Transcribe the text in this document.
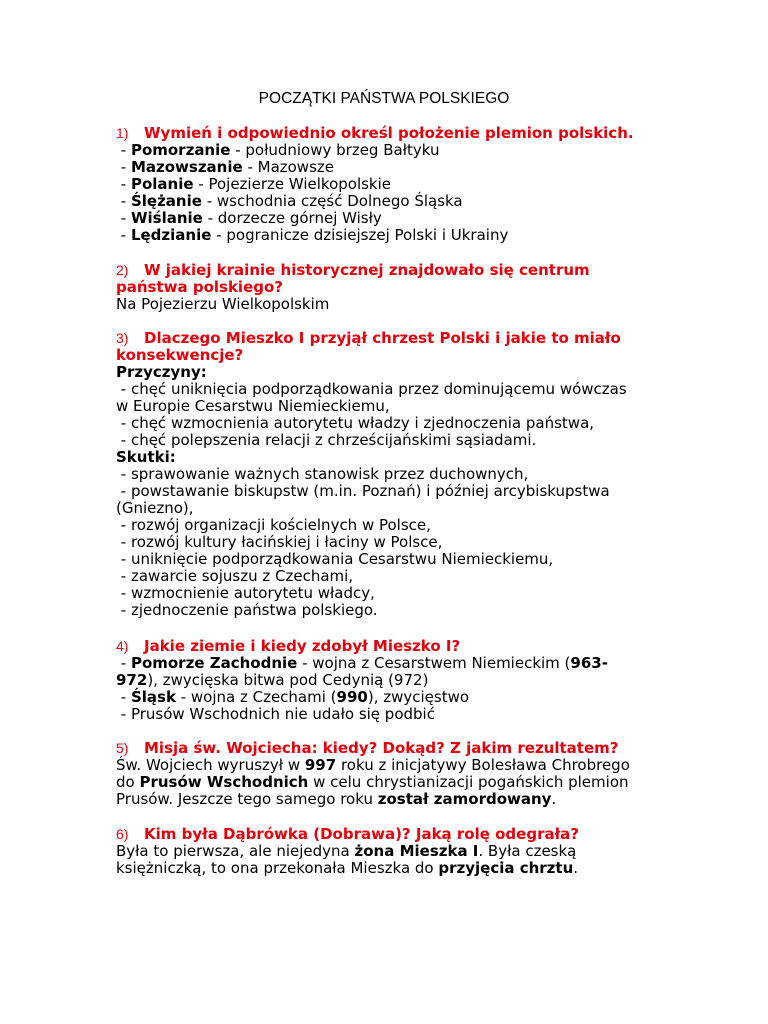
POCZĄTKI PAŃSTWA POLSKIEGO
1) Wymień i odpowiednio określ położenie plemion polskich.
- Pomorzanie - południowy brzeg Bałtyku
- Mazowszanie - Mazowsze
- Polanie - Pojezierze Wielkopolskie
- Ślężanie - wschodnia część Dolnego Śląska
- Wiślanie - dorzecze górnej Wisły
- Lędzianie - pogranicze dzisiejszej Polski i Ukrainy
2) W jakiej krainie historycznej znajdowało się centrum
państwa polskiego?
Na Pojezierzu Wielkopolskim
3) Dlaczego Mieszko I przyjął chrzest Polski i jakie to miało
konsekwencje?
Przyczyny:
- chęć uniknięcia podporządkowania przez dominującemu wówczas
w Europie Cesarstwu Niemieckiemu,
- chęć wzmocnienia autorytetu władzy i zjednoczenia państwa,
- chęć polepszenia relacji z chrześcijańskimi sąsiadami.
Skutki:
- sprawowanie ważnych stanowisk przez duchownych,
- powstawanie biskupstw (m.in. Poznań) i później arcybiskupstwa
(Gniezno),
- rozwój organizacji kościelnych w Polsce,
- rozwój kultury łacińskiej i łaciny w Polsce,
- uniknięcie podporządkowania Cesarstwu Niemieckiemu,
- zawarcie sojuszu z Czechami,
- wzmocnienie autorytetu władcy,
- zjednoczenie państwa polskiego.
4) Jakie ziemie i kiedy zdobył Mieszko I?
- Pomorze Zachodnie - wojna z Cesarstwem Niemieckim (963-
972), zwycięska bitwa pod Cedynią (972)
- Śląsk - wojna z Czechami (990), zwycięstwo
- Prusów Wschodnich nie udało się podbić
5) Misja św. Wojciecha: kiedy? Dokąd? Z jakim rezultatem?
Św. Wojciech wyruszył w 997 roku z inicjatywy Bolesława Chrobrego
do Prusów Wschodnich w celu chrystianizacji pogańskich plemion
Prusów. Jeszcze tego samego roku został zamordowany.
6) Kim była Dąbrówka (Dobrawa)? Jaką rolę odegrała?
Była to pierwsza, ale niejedyna żona Mieszka I. Była czeską
księżniczką, to ona przekonała Mieszka do przyjęcia chrztu.
